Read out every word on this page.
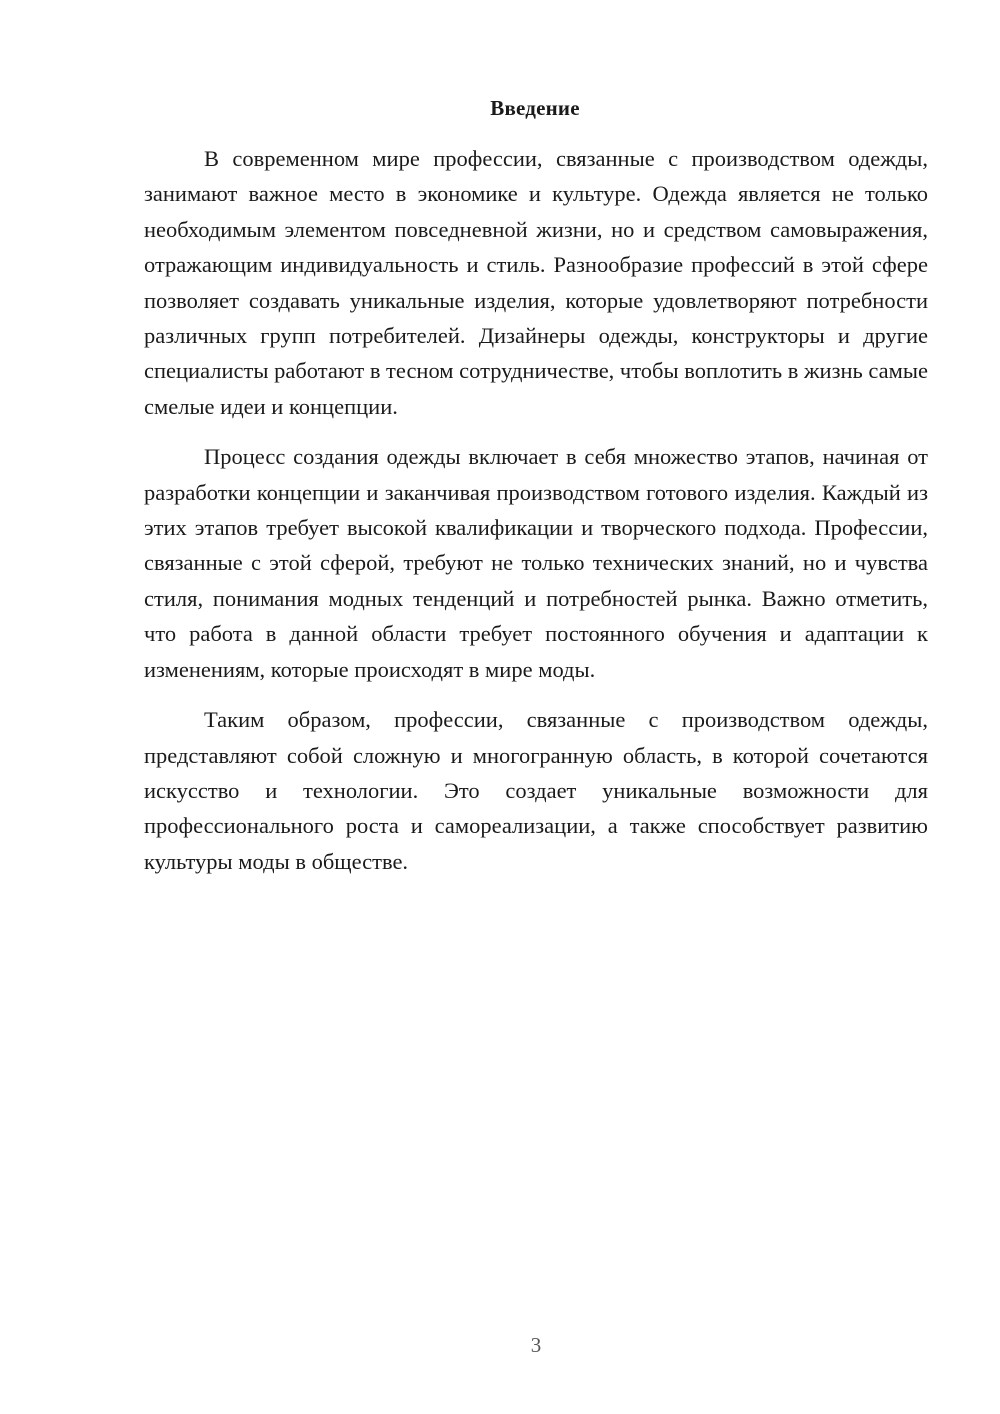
Введение

В современном мире профессии, связанные с производством одежды, занимают важное место в экономике и культуре. Одежда является не только необходимым элементом повседневной жизни, но и средством самовыражения, отражающим индивидуальность и стиль. Разнообразие профессий в этой сфере позволяет создавать уникальные изделия, которые удовлетворяют потребности различных групп потребителей. Дизайнеры одежды, конструкторы и другие специалисты работают в тесном сотрудничестве, чтобы воплотить в жизнь самые смелые идеи и концепции.

Процесс создания одежды включает в себя множество этапов, начиная от разработки концепции и заканчивая производством готового изделия. Каждый из этих этапов требует высокой квалификации и творческого подхода. Профессии, связанные с этой сферой, требуют не только технических знаний, но и чувства стиля, понимания модных тенденций и потребностей рынка. Важно отметить, что работа в данной области требует постоянного обучения и адаптации к изменениям, которые происходят в мире моды.

Таким образом, профессии, связанные с производством одежды, представляют собой сложную и многогранную область, в которой сочетаются искусство и технологии. Это создает уникальные возможности для профессионального роста и самореализации, а также способствует развитию культуры моды в обществе.

3
